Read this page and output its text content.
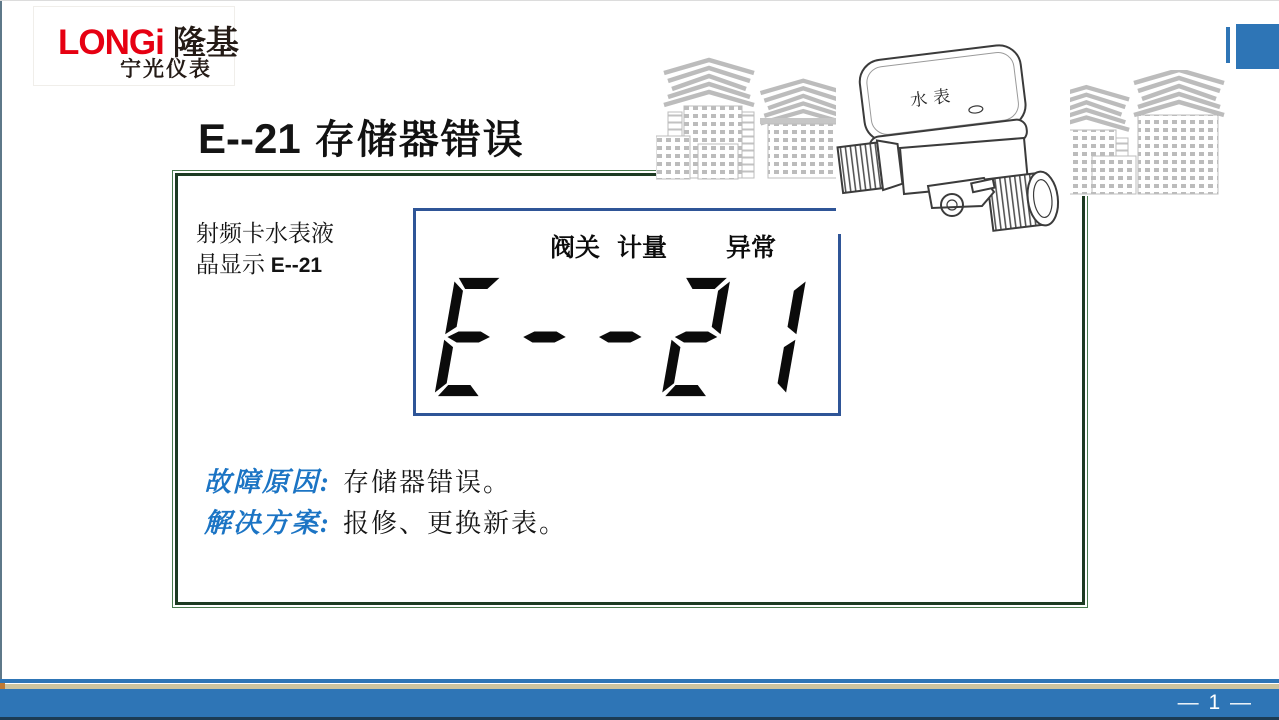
LONGi 隆基
宁光仪表
E--21 存储器错误
射频卡水表液晶显示 E--21
阀关 计量 异常
故障原因: 存储器错误。
解决方案: 报修、更换新表。
水表
— 1 —
